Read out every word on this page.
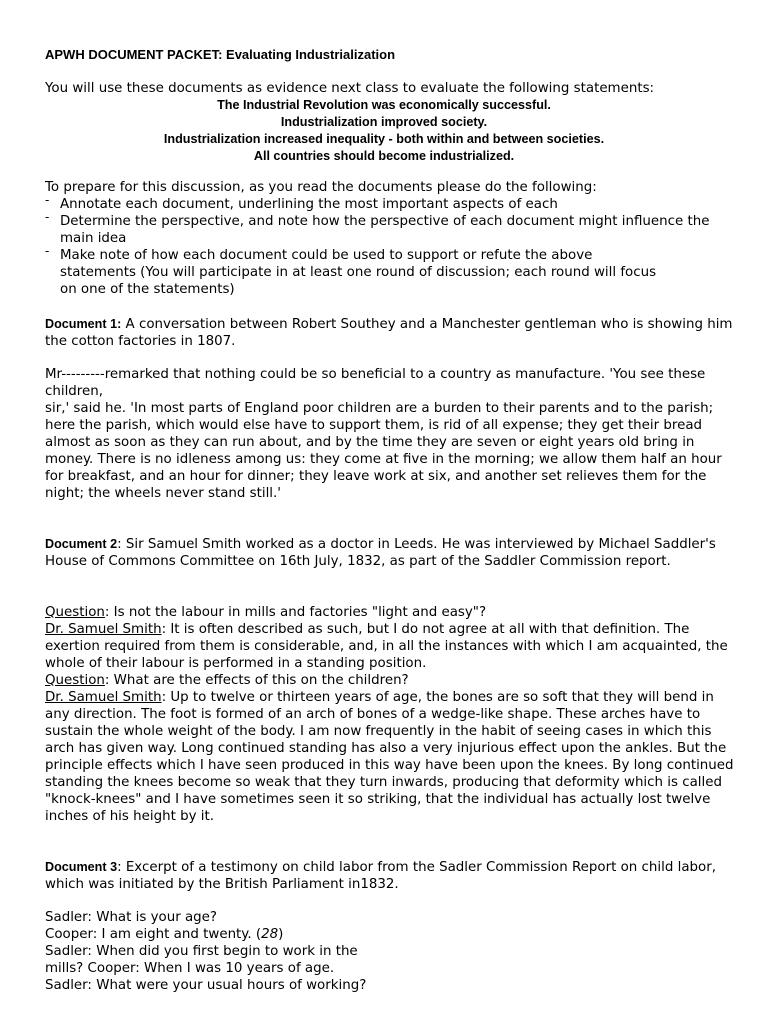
APWH DOCUMENT PACKET: Evaluating Industrialization
You will use these documents as evidence next class to evaluate the following statements:
The Industrial Revolution was economically successful.
Industrialization improved society.
Industrialization increased inequality - both within and between societies.
All countries should become industrialized.

To prepare for this discussion, as you read the documents please do the following:

- Annotate each document, underlining the most important aspects of each
- Determine the perspective, and note how the perspective of each document might influence the main idea
- Make note of how each document could be used to support or refute the above statements (You will participate in at least one round of discussion; each round will focus on one of the statements)
Document 1: A conversation between Robert Southey and a Manchester gentleman who is showing him the cotton factories in 1807.

Mr---------remarked that nothing could be so beneficial to a country as manufacture. 'You see these children,

sir,' said he. 'In most parts of England poor children are a burden to their parents and to the parish; here the parish, which would else have to support them, is rid of all expense; they get their bread almost as soon as they can run about, and by the time they are seven or eight years old bring in money. There is no idleness among us: they come at five in the morning; we allow them half an hour for breakfast, and an hour for dinner; they leave work at six, and another set relieves them for the night; the wheels never stand still.'

Document 2: Sir Samuel Smith worked as a doctor in Leeds. He was interviewed by Michael Saddler's House of Commons Committee on 16th July, 1832, as part of the Saddler Commission report.

Question: Is not the labour in mills and factories "light and easy"?

Dr. Samuel Smith: It is often described as such, but I do not agree at all with that definition. The exertion required from them is considerable, and, in all the instances with which I am acquainted, the whole of their labour is performed in a standing position.

Question: What are the effects of this on the children?

Dr. Samuel Smith: Up to twelve or thirteen years of age, the bones are so soft that they will bend in any direction. The foot is formed of an arch of bones of a wedge-like shape. These arches have to sustain the whole weight of the body. I am now frequently in the habit of seeing cases in which this arch has given way. Long continued standing has also a very injurious effect upon the ankles. But the principle effects which I have seen produced in this way have been upon the knees. By long continued standing the knees become so weak that they turn inwards, producing that deformity which is called "knock-knees" and I have sometimes seen it so striking, that the individual has actually lost twelve inches of his height by it.

Document 3: Excerpt of a testimony on child labor from the Sadler Commission Report on child labor, which was initiated by the British Parliament in1832.

Sadler: What is your age?

Cooper: I am eight and twenty. (28)

Sadler: When did you first begin to work in the

mills? Cooper: When I was 10 years of age.

Sadler: What were your usual hours of working?
